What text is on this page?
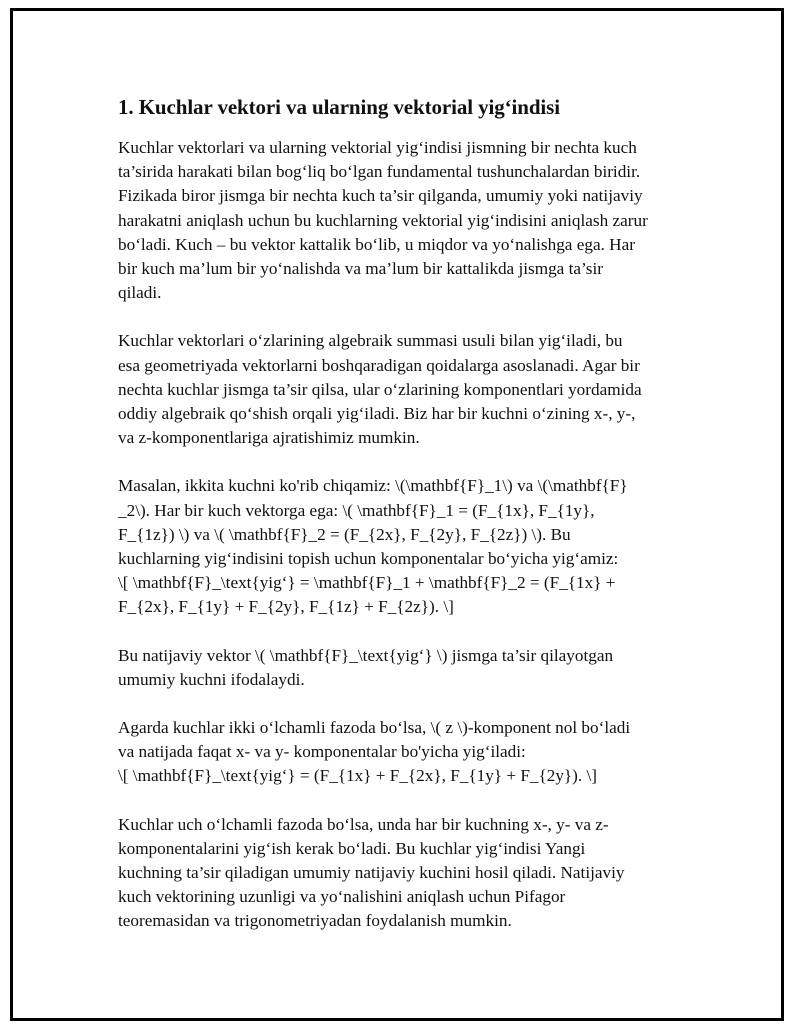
1. Kuchlar vektori va ularning vektorial yig‘indisi

Kuchlar vektorlari va ularning vektorial yig‘indisi jismning bir nechta kuch
ta’sirida harakati bilan bog‘liq bo‘lgan fundamental tushunchalardan biridir.
Fizikada biror jismga bir nechta kuch ta’sir qilganda, umumiy yoki natijaviy
harakatni aniqlash uchun bu kuchlarning vektorial yig‘indisini aniqlash zarur
bo‘ladi. Kuch – bu vektor kattalik bo‘lib, u miqdor va yo‘nalishga ega. Har
bir kuch ma’lum bir yo‘nalishda va ma’lum bir kattalikda jismga ta’sir
qiladi.

Kuchlar vektorlari o‘zlarining algebraik summasi usuli bilan yig‘iladi, bu
esa geometriyada vektorlarni boshqaradigan qoidalarga asoslanadi. Agar bir
nechta kuchlar jismga ta’sir qilsa, ular o‘zlarining komponentlari yordamida
oddiy algebraik qo‘shish orqali yig‘iladi. Biz har bir kuchni o‘zining x-, y-,
va z-komponentlariga ajratishimiz mumkin.

Masalan, ikkita kuchni ko'rib chiqamiz: \(\mathbf{F}_1\) va \(\mathbf{F}
_2\). Har bir kuch vektorga ega: \( \mathbf{F}_1 = (F_{1x}, F_{1y},
F_{1z}) \) va \( \mathbf{F}_2 = (F_{2x}, F_{2y}, F_{2z}) \). Bu
kuchlarning yig‘indisini topish uchun komponentalar bo‘yicha yig‘amiz:
\[ \mathbf{F}_\text{yig‘} = \mathbf{F}_1 + \mathbf{F}_2 = (F_{1x} +
F_{2x}, F_{1y} + F_{2y}, F_{1z} + F_{2z}). \]

Bu natijaviy vektor \( \mathbf{F}_\text{yig‘} \) jismga ta’sir qilayotgan
umumiy kuchni ifodalaydi.

Agarda kuchlar ikki o‘lchamli fazoda bo‘lsa, \( z \)-komponent nol bo‘ladi
va natijada faqat x- va y- komponentalar bo'yicha yig‘iladi:
\[ \mathbf{F}_\text{yig‘} = (F_{1x} + F_{2x}, F_{1y} + F_{2y}). \]

Kuchlar uch o‘lchamli fazoda bo‘lsa, unda har bir kuchning x-, y- va z-
komponentalarini yig‘ish kerak bo‘ladi. Bu kuchlar yig‘indisi Yangi
kuchning ta’sir qiladigan umumiy natijaviy kuchini hosil qiladi. Natijaviy
kuch vektorining uzunligi va yo‘nalishini aniqlash uchun Pifagor
teoremasidan va trigonometriyadan foydalanish mumkin.
